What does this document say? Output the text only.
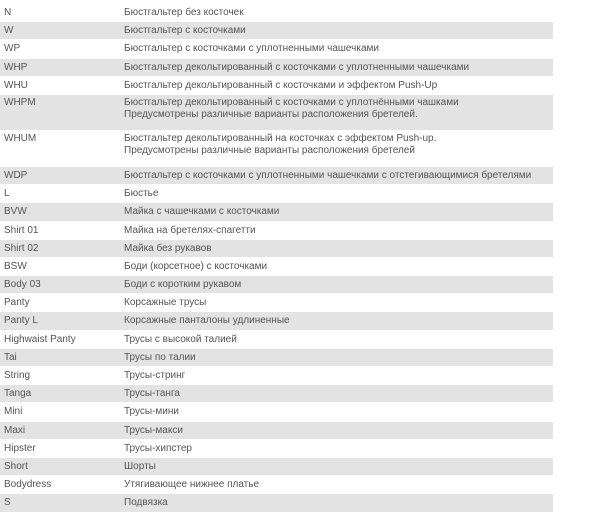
N	Бюстгальтер без косточек
W	Бюстгальтер с косточками
WP	Бюстгальтер с косточками с уплотненными чашечками
WHP	Бюстгальтер декольтированный с косточками с уплотненными чашечками
WHU	Бюстгальтер декольтированный с косточками и эффектом Push-Up
WHPM	Бюстгальтер декольтированный с косточками с уплотнёнными чашками
Предусмотрены различные варианты расположения бретелей.
WHUM	Бюстгальтер декольтированный на косточках с эффектом Push-up.
Предусмотрены различные варианты расположения бретелей
WDP	Бюстгальтер с косточками с уплотненными чашечками с отстегивающимися бретелями
L	Бюстье
BVW	Майка с чашечками с косточками
Shirt 01	Майка на бретелях-спагетти
Shirt 02	Майка без рукавов
BSW	Боди (корсетное) с косточками
Body 03	Боди с коротким рукавом
Panty	Корсажные трусы
Panty L	Корсажные панталоны удлиненные
Highwaist Panty	Трусы с высокой талией
Tai	Трусы по талии
String	Трусы-стринг
Tanga	Трусы-танга
Mini	Трусы-мини
Maxi	Трусы-макси
Hipster	Трусы-хипстер
Short	Шорты
Bodydress	Утягивающее нижнее платье
S	Подвязка
